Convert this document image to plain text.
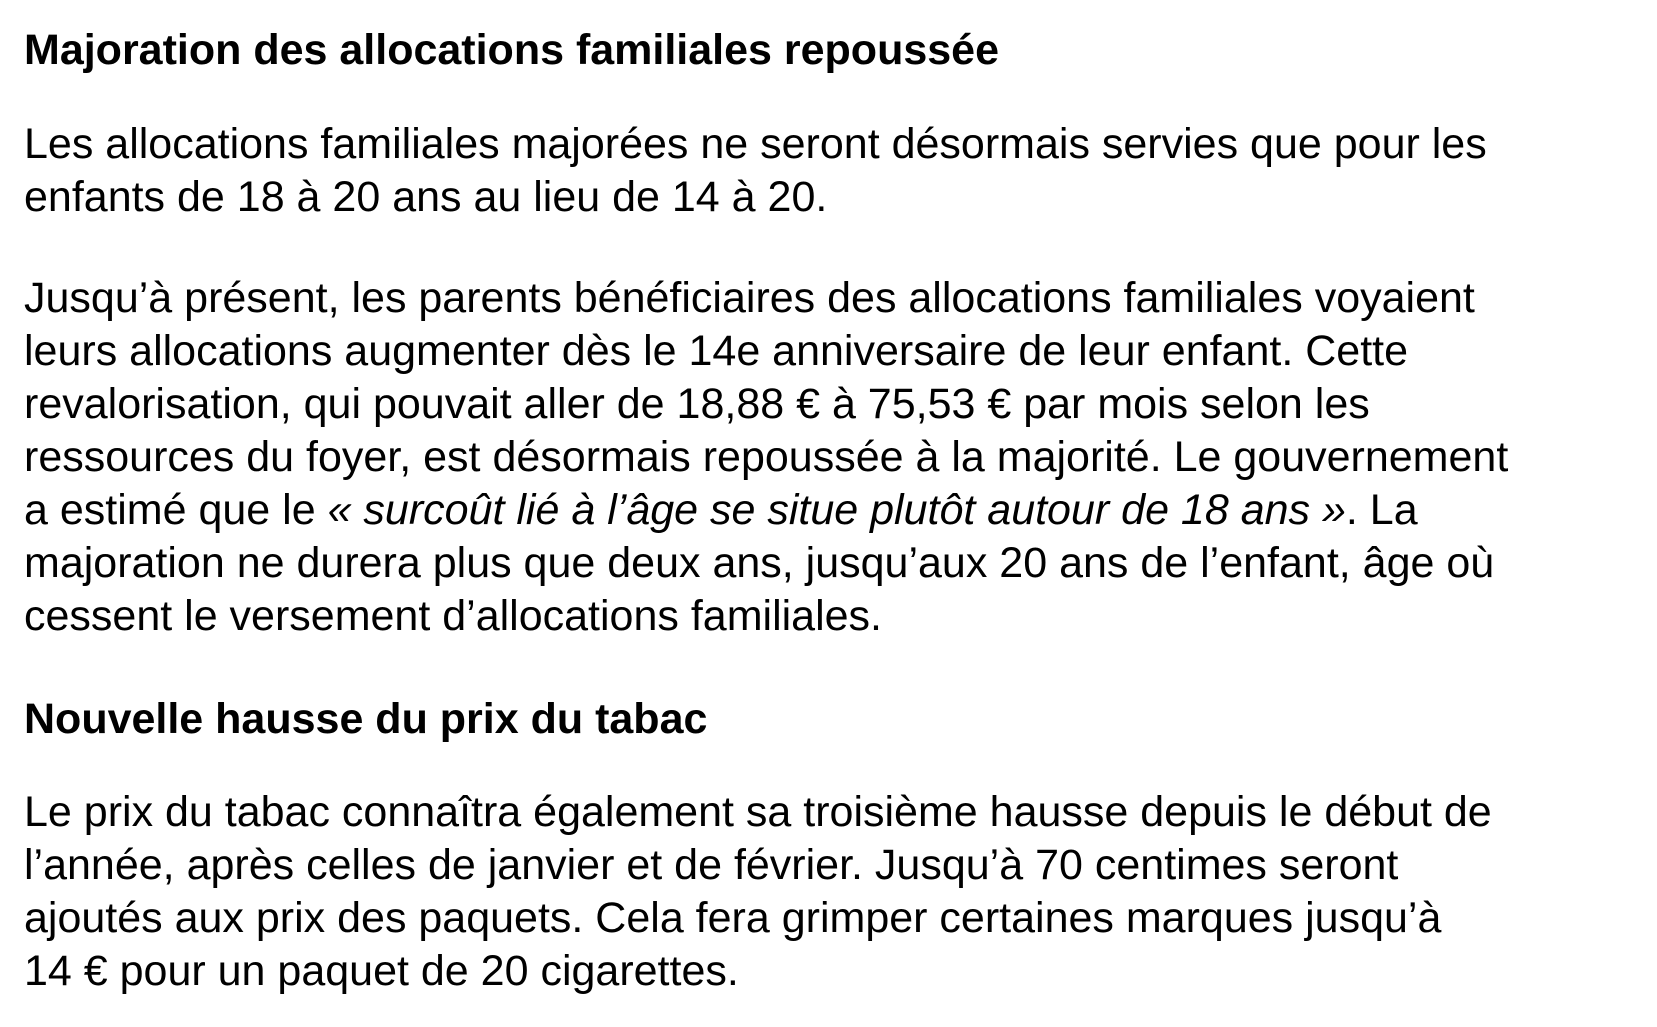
Majoration des allocations familiales repoussée

Les allocations familiales majorées ne seront désormais servies que pour les
enfants de 18 à 20 ans au lieu de 14 à 20.

Jusqu’à présent, les parents bénéficiaires des allocations familiales voyaient
leurs allocations augmenter dès le 14e anniversaire de leur enfant. Cette
revalorisation, qui pouvait aller de 18,88 € à 75,53 € par mois selon les
ressources du foyer, est désormais repoussée à la majorité. Le gouvernement
a estimé que le « surcoût lié à l’âge se situe plutôt autour de 18 ans ». La
majoration ne durera plus que deux ans, jusqu’aux 20 ans de l’enfant, âge où
cessent le versement d’allocations familiales.

Nouvelle hausse du prix du tabac

Le prix du tabac connaîtra également sa troisième hausse depuis le début de
l’année, après celles de janvier et de février. Jusqu’à 70 centimes seront
ajoutés aux prix des paquets. Cela fera grimper certaines marques jusqu’à
14 € pour un paquet de 20 cigarettes.
